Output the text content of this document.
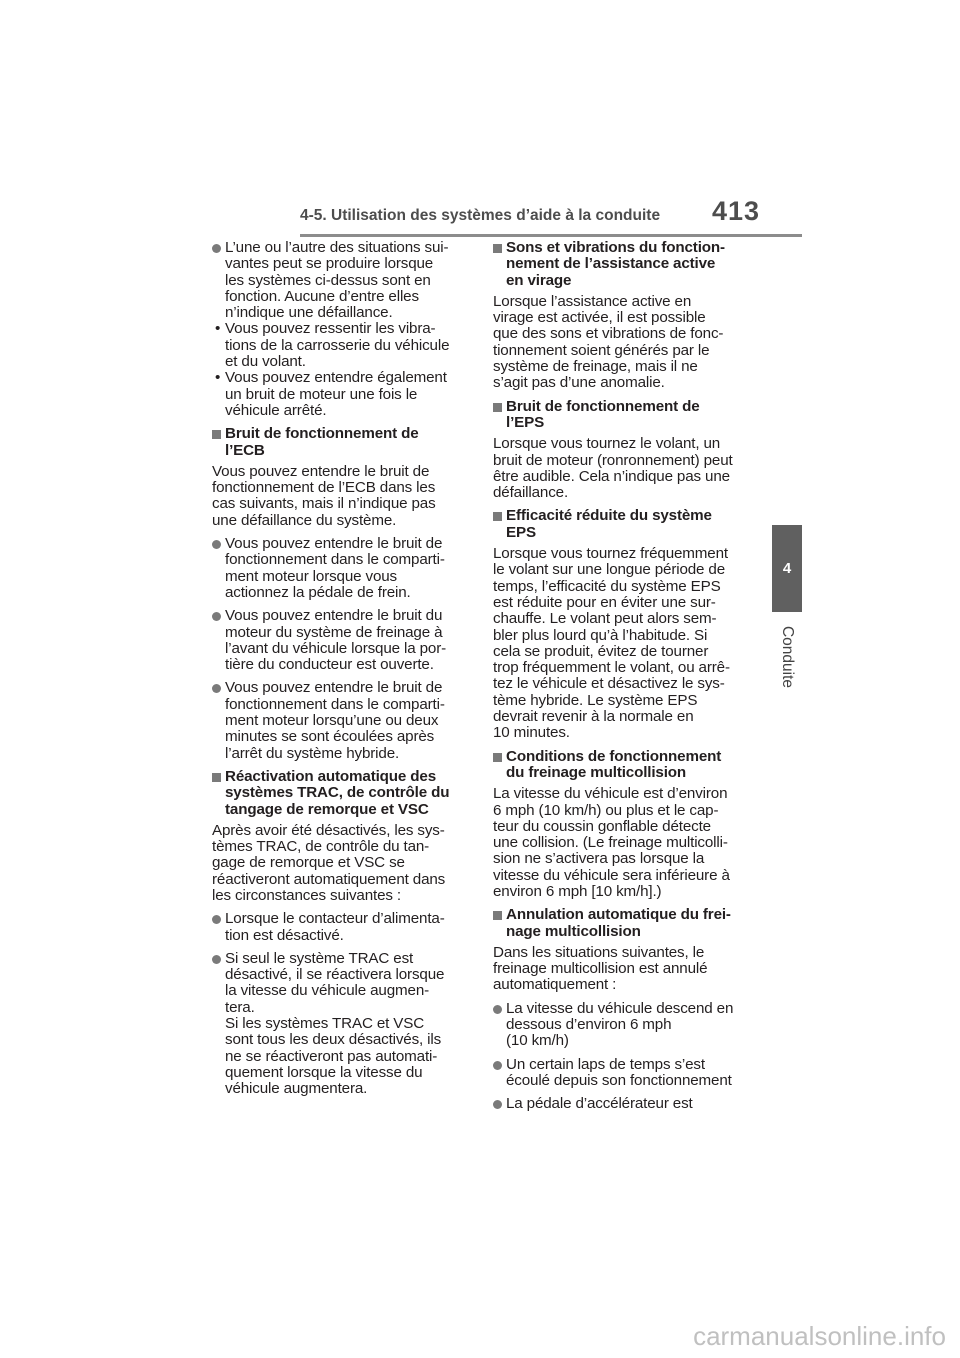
4-5. Utilisation des systèmes d’aide à la conduite	413
4
Conduite
L’une ou l’autre des situations sui-
vantes peut se produire lorsque
les systèmes ci-dessus sont en
fonction. Aucune d’entre elles
n’indique une défaillance.
• Vous pouvez ressentir les vibra-
tions de la carrosserie du véhicule
et du volant.
• Vous pouvez entendre également
un bruit de moteur une fois le
véhicule arrêté.
Bruit de fonctionnement de
l’ECB
Vous pouvez entendre le bruit de
fonctionnement de l’ECB dans les
cas suivants, mais il n’indique pas
une défaillance du système.
Vous pouvez entendre le bruit de
fonctionnement dans le comparti-
ment moteur lorsque vous
actionnez la pédale de frein.
Vous pouvez entendre le bruit du
moteur du système de freinage à
l’avant du véhicule lorsque la por-
tière du conducteur est ouverte.
Vous pouvez entendre le bruit de
fonctionnement dans le comparti-
ment moteur lorsqu’une ou deux
minutes se sont écoulées après
l’arrêt du système hybride.
Réactivation automatique des
systèmes TRAC, de contrôle du
tangage de remorque et VSC
Après avoir été désactivés, les sys-
tèmes TRAC, de contrôle du tan-
gage de remorque et VSC se
réactiveront automatiquement dans
les circonstances suivantes :
Lorsque le contacteur d’alimenta-
tion est désactivé.
Si seul le système TRAC est
désactivé, il se réactivera lorsque
la vitesse du véhicule augmen-
tera.
Si les systèmes TRAC et VSC
sont tous les deux désactivés, ils
ne se réactiveront pas automati-
quement lorsque la vitesse du
véhicule augmentera.
Sons et vibrations du fonction-
nement de l’assistance active
en virage
Lorsque l’assistance active en
virage est activée, il est possible
que des sons et vibrations de fonc-
tionnement soient générés par le
système de freinage, mais il ne
s’agit pas d’une anomalie.
Bruit de fonctionnement de
l’EPS
Lorsque vous tournez le volant, un
bruit de moteur (ronronnement) peut
être audible. Cela n’indique pas une
défaillance.
Efficacité réduite du système
EPS
Lorsque vous tournez fréquemment
le volant sur une longue période de
temps, l’efficacité du système EPS
est réduite pour en éviter une sur-
chauffe. Le volant peut alors sem-
bler plus lourd qu’à l’habitude. Si
cela se produit, évitez de tourner
trop fréquemment le volant, ou arrê-
tez le véhicule et désactivez le sys-
tème hybride. Le système EPS
devrait revenir à la normale en
10 minutes.
Conditions de fonctionnement
du freinage multicollision
La vitesse du véhicule est d’environ
6 mph (10 km/h) ou plus et le cap-
teur du coussin gonflable détecte
une collision. (Le freinage multicolli-
sion ne s’activera pas lorsque la
vitesse du véhicule sera inférieure à
environ 6 mph [10 km/h].)
Annulation automatique du frei-
nage multicollision
Dans les situations suivantes, le
freinage multicollision est annulé
automatiquement :
La vitesse du véhicule descend en
dessous d’environ 6 mph
(10 km/h)
Un certain laps de temps s’est
écoulé depuis son fonctionnement
La pédale d’accélérateur est
carmanualsonline.info
